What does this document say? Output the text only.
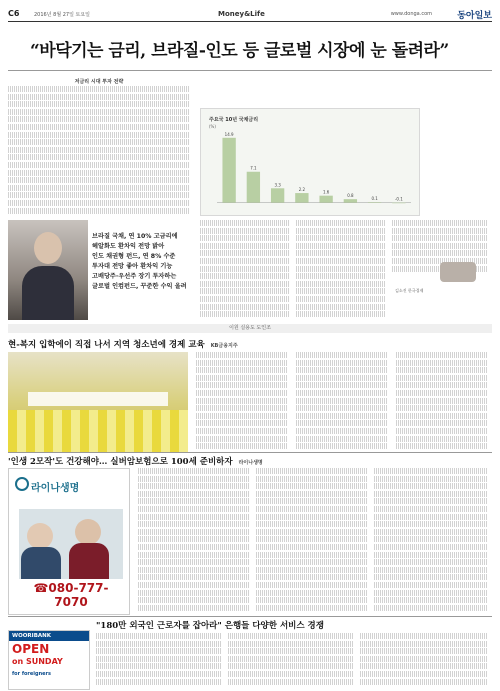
C6	2016년 8월 27일 토요일	Money&Life	www.donga.com	동아일보
“바닥기는 금리, 브라질-인도 등 글로벌 시장에 눈 돌려라”
저금리 시대 투자 전략
주요국 10년 국채금리
(%)
14.9
7.1
3.3
2.2
1.6
0.8
0.1	-0.1
브라질 국채, 연 10% 고금리에
헤알화도 환차익 전망 밝아
인도 채권형 펀드, 연 8% 수준
투자대 전망 좋아 환차익 기능
고배당주·우선주 장기 투자하는
글로벌 인컴펀드, 꾸준한 수익 올려
김소진 한국경제
이원 실용도 도인조
현-복지 입학에이 직접 나서 지역 청소년에 경제 교육 KB금융지주
'인생 2모작'도 건강해야… 실버암보험으로 100세 준비하자 라이나생명
라이나생명
☎080-777-7070
"180만 외국인 근로자를 잡아라" 은행들 다양한 서비스 경쟁
WOORIBANK
OPEN
on SUNDAY
for foreigners
